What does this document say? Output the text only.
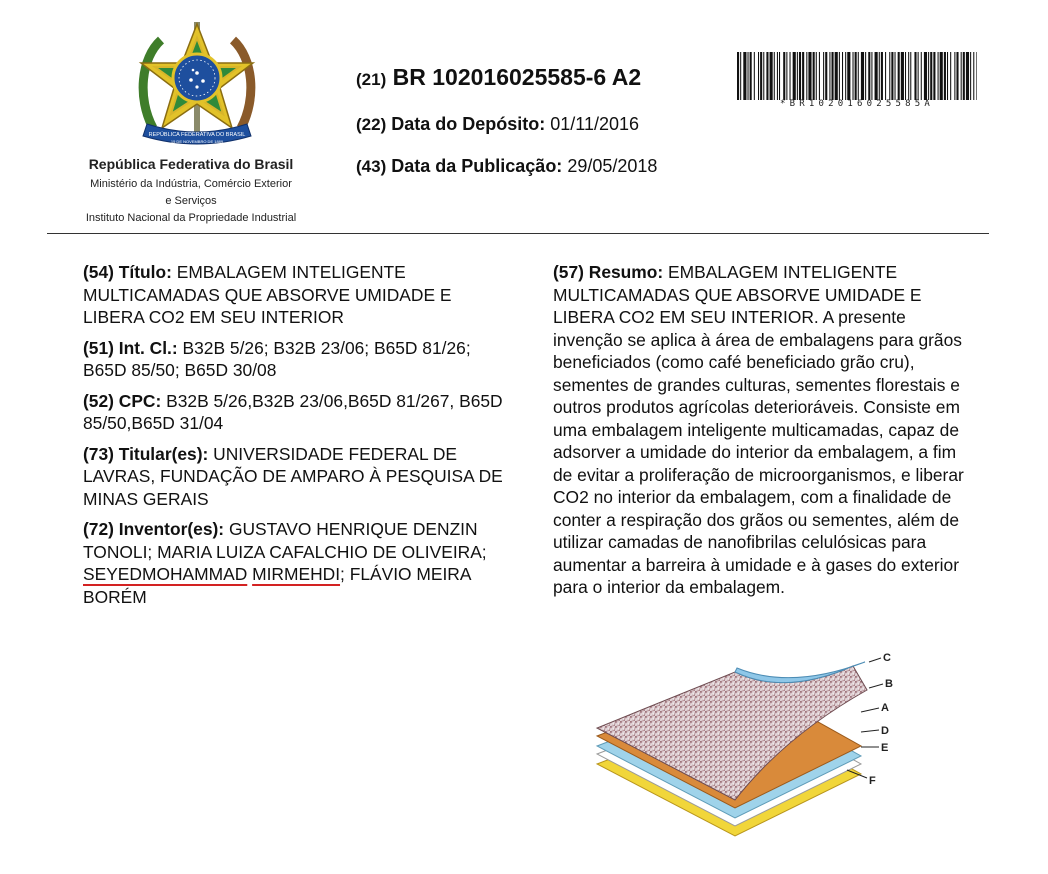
REPÚBLICA FEDERATIVA DO BRASIL
15 DE NOVEMBRO DE 1889
República Federativa do Brasil
Ministério da Indústria, Comércio Exterior
e Serviços
Instituto Nacional da Propriedade Industrial
(21) BR 102016025585-6 A2
(22) Data do Depósito: 01/11/2016
(43) Data da Publicação: 29/05/2018
*BR102016025585A
(54) Título: EMBALAGEM INTELIGENTE MULTICAMADAS QUE ABSORVE UMIDADE E LIBERA CO2 EM SEU INTERIOR
(51) Int. Cl.: B32B 5/26; B32B 23/06; B65D 81/26; B65D 85/50; B65D 30/08
(52) CPC: B32B 5/26,B32B 23/06,B65D 81/267, B65D 85/50,B65D 31/04
(73) Titular(es): UNIVERSIDADE FEDERAL DE LAVRAS, FUNDAÇÃO DE AMPARO À PESQUISA DE MINAS GERAIS
(72) Inventor(es): GUSTAVO HENRIQUE DENZIN TONOLI; MARIA LUIZA CAFALCHIO DE OLIVEIRA; SEYEDMOHAMMAD MIRMEHDI; FLÁVIO MEIRA BORÉM
(57) Resumo: EMBALAGEM INTELIGENTE MULTICAMADAS QUE ABSORVE UMIDADE E LIBERA CO2 EM SEU INTERIOR. A presente invenção se aplica à área de embalagens para grãos beneficiados (como café beneficiado grão cru), sementes de grandes culturas, sementes florestais e outros produtos agrícolas deterioráveis. Consiste em uma embalagem inteligente multicamadas, capaz de adsorver a umidade do interior da embalagem, a fim de evitar a proliferação de microorganismos, e liberar CO2 no interior da embalagem, com a finalidade de conter a respiração dos grãos ou sementes, além de utilizar camadas de nanofibrilas celulósicas para aumentar a barreira à umidade e à gases do exterior para o interior da embalagem.
C
B
A
D
E
F
